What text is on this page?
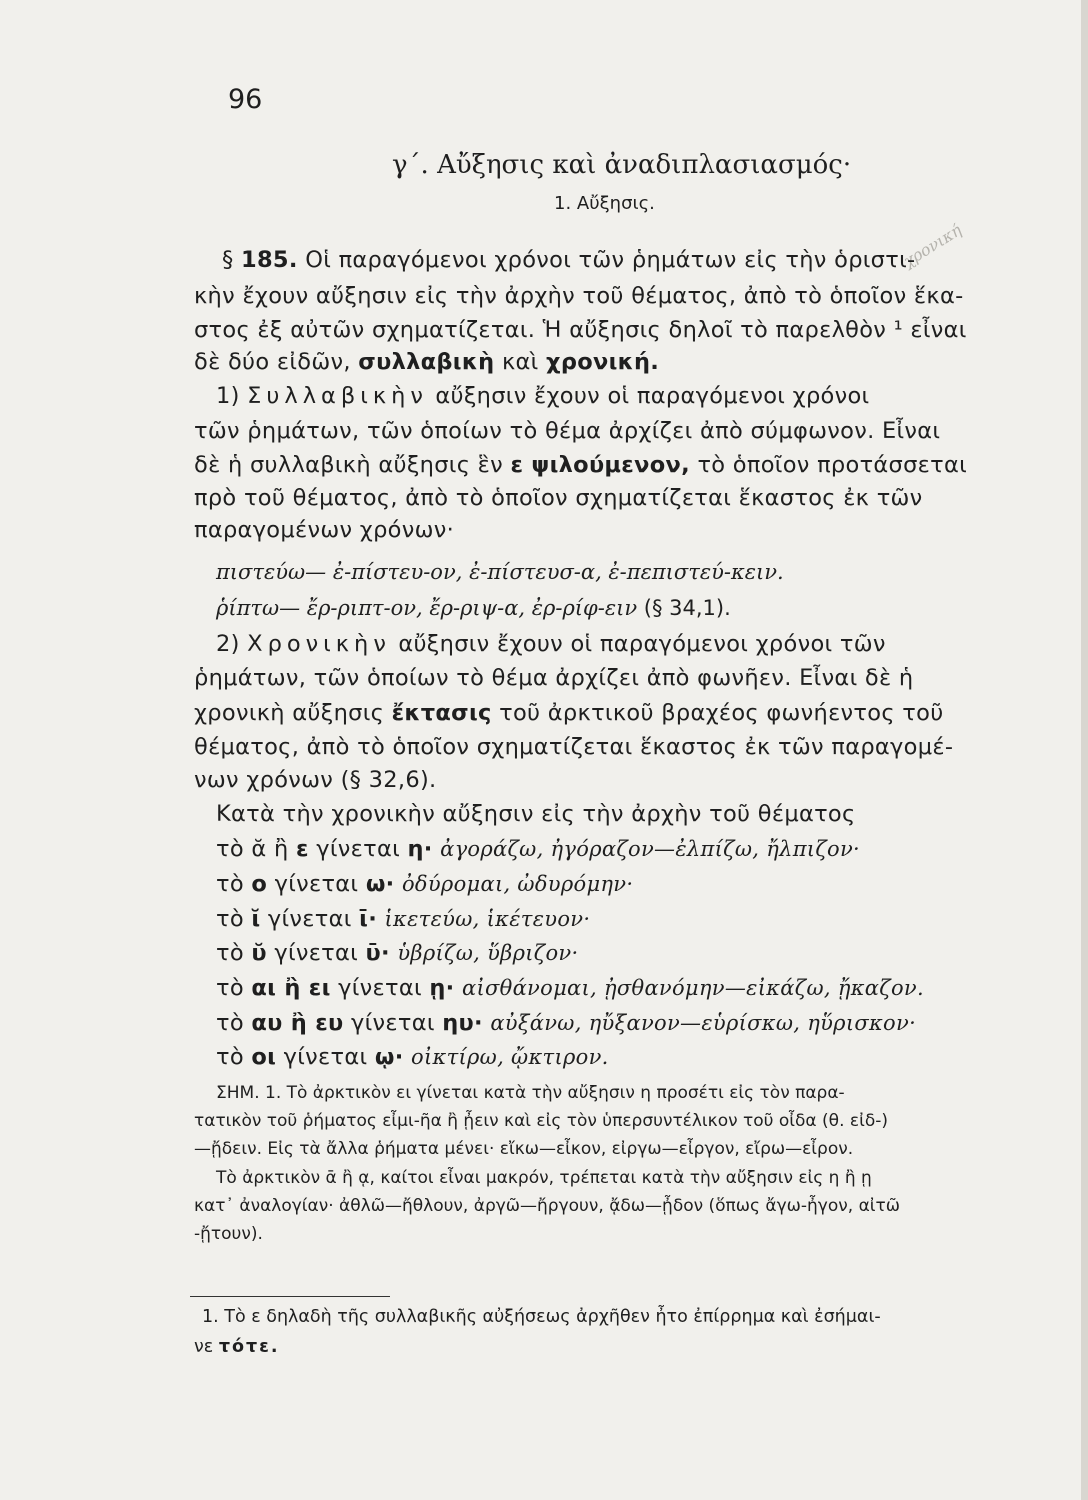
96
γ΄. Αὔξησις καὶ ἀναδιπλασιασμός·
1. Αὔξησις.
χρονική
§ 185. Οἱ παραγόμενοι χρόνοι τῶν ῥημάτων εἰς τὴν ὁριστι-
κὴν ἔχουν αὔξησιν εἰς τὴν ἀρχὴν τοῦ θέματος, ἀπὸ τὸ ὁποῖον ἕκα-
στος ἐξ αὐτῶν σχηματίζεται. Ἡ αὔξησις δηλοῖ τὸ παρελθὸν ¹ εἶναι
δὲ δύο εἰδῶν, συλλαβικὴ καὶ χρονική.
1) Συλλαβικὴν αὔξησιν ἔχουν οἱ παραγόμενοι χρόνοι
τῶν ῥημάτων, τῶν ὁποίων τὸ θέμα ἀρχίζει ἀπὸ σύμφωνον. Εἶναι
δὲ ἡ συλλαβικὴ αὔξησις ἓν ε ψιλούμενον, τὸ ὁποῖον προτάσσεται
πρὸ τοῦ θέματος, ἀπὸ τὸ ὁποῖον σχηματίζεται ἕκαστος ἐκ τῶν
παραγομένων χρόνων·
πιστεύω— ἐ-πίστευ-ον, ἐ-πίστευσ-α, ἐ-πεπιστεύ-κειν.
ῥίπτω— ἔρ-ριπτ-ον, ἔρ-ριψ-α, ἐρ-ρίφ-ειν (§ 34,1).
2) Χρονικὴν αὔξησιν ἔχουν οἱ παραγόμενοι χρόνοι τῶν
ῥημάτων, τῶν ὁποίων τὸ θέμα ἀρχίζει ἀπὸ φωνῆεν. Εἶναι δὲ ἡ
χρονικὴ αὔξησις ἔκτασις τοῦ ἀρκτικοῦ βραχέος φωνήεντος τοῦ
θέματος, ἀπὸ τὸ ὁποῖον σχηματίζεται ἕκαστος ἐκ τῶν παραγομέ-
νων χρόνων (§ 32,6).
Κατὰ τὴν χρονικὴν αὔξησιν εἰς τὴν ἀρχὴν τοῦ θέματος
τὸ ᾰ ἢ ε γίνεται η· ἀγοράζω, ἠγόραζον—ἐλπίζω, ἤλπιζον·
τὸ ο γίνεται ω· ὀδύρομαι, ὠδυρόμην·
τὸ ῐ γίνεται ῑ· ἱκετεύω, ἱκέτευον·
τὸ ῠ γίνεται ῡ· ὑβρίζω, ὕβριζον·
τὸ αι ἢ ει γίνεται ῃ· αἰσθάνομαι, ᾐσθανόμην—εἰκάζω, ᾔκαζον.
τὸ αυ ἢ ευ γίνεται ηυ· αὐξάνω, ηὔξανον—εὑρίσκω, ηὕρισκον·
τὸ οι γίνεται ῳ· οἰκτίρω, ᾤκτιρον.
ΣΗΜ. 1. Τὸ ἀρκτικὸν ει γίνεται κατὰ τὴν αὔξησιν η προσέτι εἰς τὸν παρα-
τατικὸν τοῦ ῥήματος εἶμι-ῆα ἢ ᾖειν καὶ εἰς τὸν ὑπερσυντέλικον τοῦ οἶδα (θ. εἰδ-)
—ᾔδειν. Εἰς τὰ ἄλλα ῥήματα μένει· εἴκω—εἶκον, εἰργω—εἶργον, εἴρω—εἶρον.
Τὸ ἀρκτικὸν ᾱ ἢ ᾳ, καίτοι εἶναι μακρόν, τρέπεται κατὰ τὴν αὔξησιν εἰς η ἢ ῃ
κατ᾽ ἀναλογίαν· ἀθλῶ—ἤθλουν, ἀργῶ—ἤργουν, ᾄδω—ᾖδον (ὅπως ἄγω-ἦγον, αἰτῶ
-ᾔτουν).
1. Τὸ ε δηλαδὴ τῆς συλλαβικῆς αὐξήσεως ἀρχῆθεν ἦτο ἐπίρρημα καὶ ἐσήμαι-
νε τότε.
